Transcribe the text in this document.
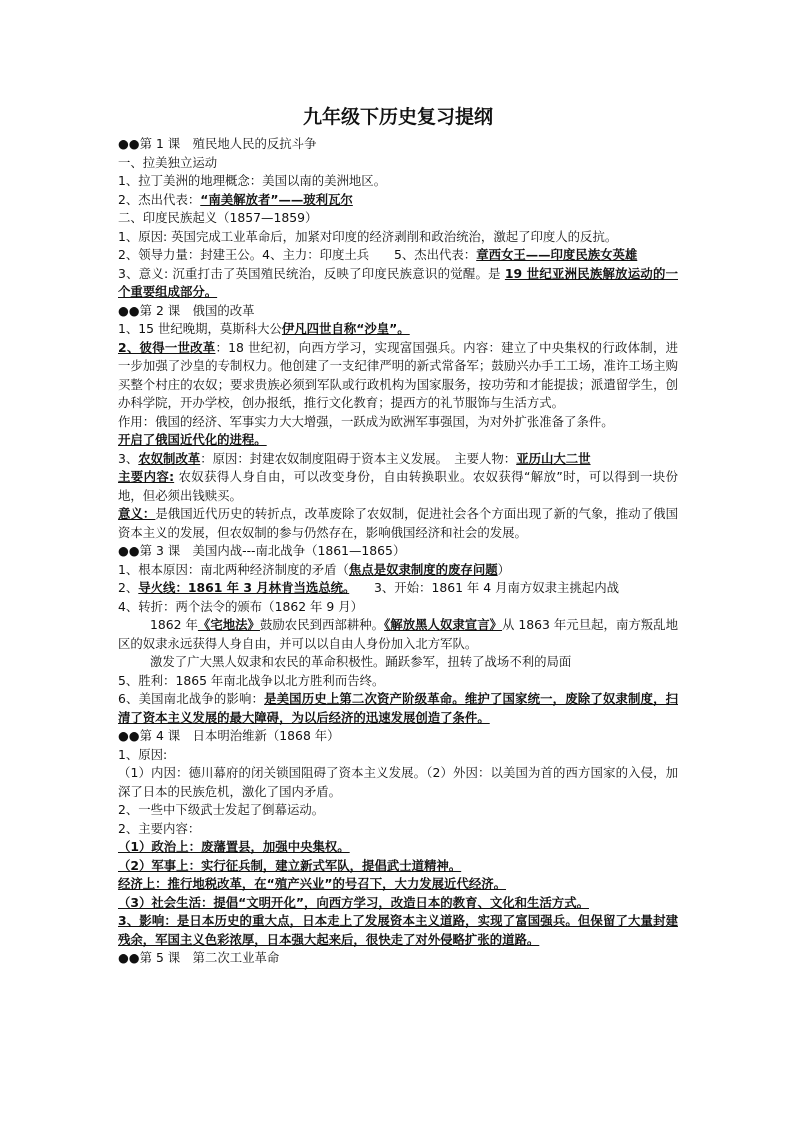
九年级下历史复习提纲

●●第 1 课　殖民地人民的反抗斗争

一、拉美独立运动

1、拉丁美洲的地理概念：美国以南的美洲地区。

2、杰出代表：“南美解放者”——玻利瓦尔

二、印度民族起义（1857—1859）

1、原因: 英国完成工业革命后，加紧对印度的经济剥削和政治统治，激起了印度人的反抗。

2、领导力量：封建王公。4、主力：印度土兵　　5、杰出代表：章西女王——印度民族女英雄

3、意义: 沉重打击了英国殖民统治，反映了印度民族意识的觉醒。是 19 世纪亚洲民族解放运动的一个重要组成部分。

●●第 2 课　俄国的改革

1、15 世纪晚期，莫斯科大公伊凡四世自称“沙皇”。

2、彼得一世改革：18 世纪初，向西方学习，实现富国强兵。内容：建立了中央集权的行政体制，进一步加强了沙皇的专制权力。他创建了一支纪律严明的新式常备军；鼓励兴办手工工场，准许工场主购买整个村庄的农奴；要求贵族必须到军队或行政机构为国家服务，按功劳和才能提拔；派遣留学生，创办科学院，开办学校，创办报纸，推行文化教育；提西方的礼节服饰与生活方式。

作用：俄国的经济、军事实力大大增强，一跃成为欧洲军事强国，为对外扩张准备了条件。

开启了俄国近代化的进程。

3、农奴制改革：原因：封建农奴制度阻碍于资本主义发展。　主要人物：亚历山大二世

主要内容: 农奴获得人身自由，可以改变身份，自由转换职业。农奴获得“解放”时，可以得到一块份地，但必须出钱赎买。

意义：是俄国近代历史的转折点，改革废除了农奴制，促进社会各个方面出现了新的气象，推动了俄国资本主义的发展，但农奴制的参与仍然存在，影响俄国经济和社会的发展。

●●第 3 课　美国内战---南北战争（1861—1865）

1、根本原因：南北两种经济制度的矛盾（焦点是奴隶制度的废存问题）

2、导火线：1861 年 3 月林肯当选总统。　　3、开始：1861 年 4 月南方奴隶主挑起内战

4、转折：两个法令的颁布（1862 年 9 月）

1862 年《宅地法》鼓励农民到西部耕种。《解放黑人奴隶宣言》从 1863 年元旦起，南方叛乱地区的奴隶永远获得人身自由，并可以以自由人身份加入北方军队。

激发了广大黑人奴隶和农民的革命积极性。踊跃参军，扭转了战场不利的局面

5、胜利：1865 年南北战争以北方胜利而告终。

6、美国南北战争的影响：是美国历史上第二次资产阶级革命。维护了国家统一，废除了奴隶制度，扫清了资本主义发展的最大障碍，为以后经济的迅速发展创造了条件。

●●第 4 课　日本明治维新（1868 年）

1、原因:

（1）内因：德川幕府的闭关锁国阻碍了资本主义发展。（2）外因：以美国为首的西方国家的入侵，加深了日本的民族危机，激化了国内矛盾。

2、一些中下级武士发起了倒幕运动。

2、主要内容：

（1）政治上：废藩置县，加强中央集权。

（2）军事上：实行征兵制，建立新式军队，提倡武士道精神。

经济上：推行地税改革，在“殖产兴业”的号召下，大力发展近代经济。

（3）社会生活：提倡“文明开化”，向西方学习，改造日本的教育、文化和生活方式。

3、影响：是日本历史的重大点，日本走上了发展资本主义道路，实现了富国强兵。但保留了大量封建残余，军国主义色彩浓厚，日本强大起来后，很快走了对外侵略扩张的道路。

●●第 5 课　第二次工业革命
